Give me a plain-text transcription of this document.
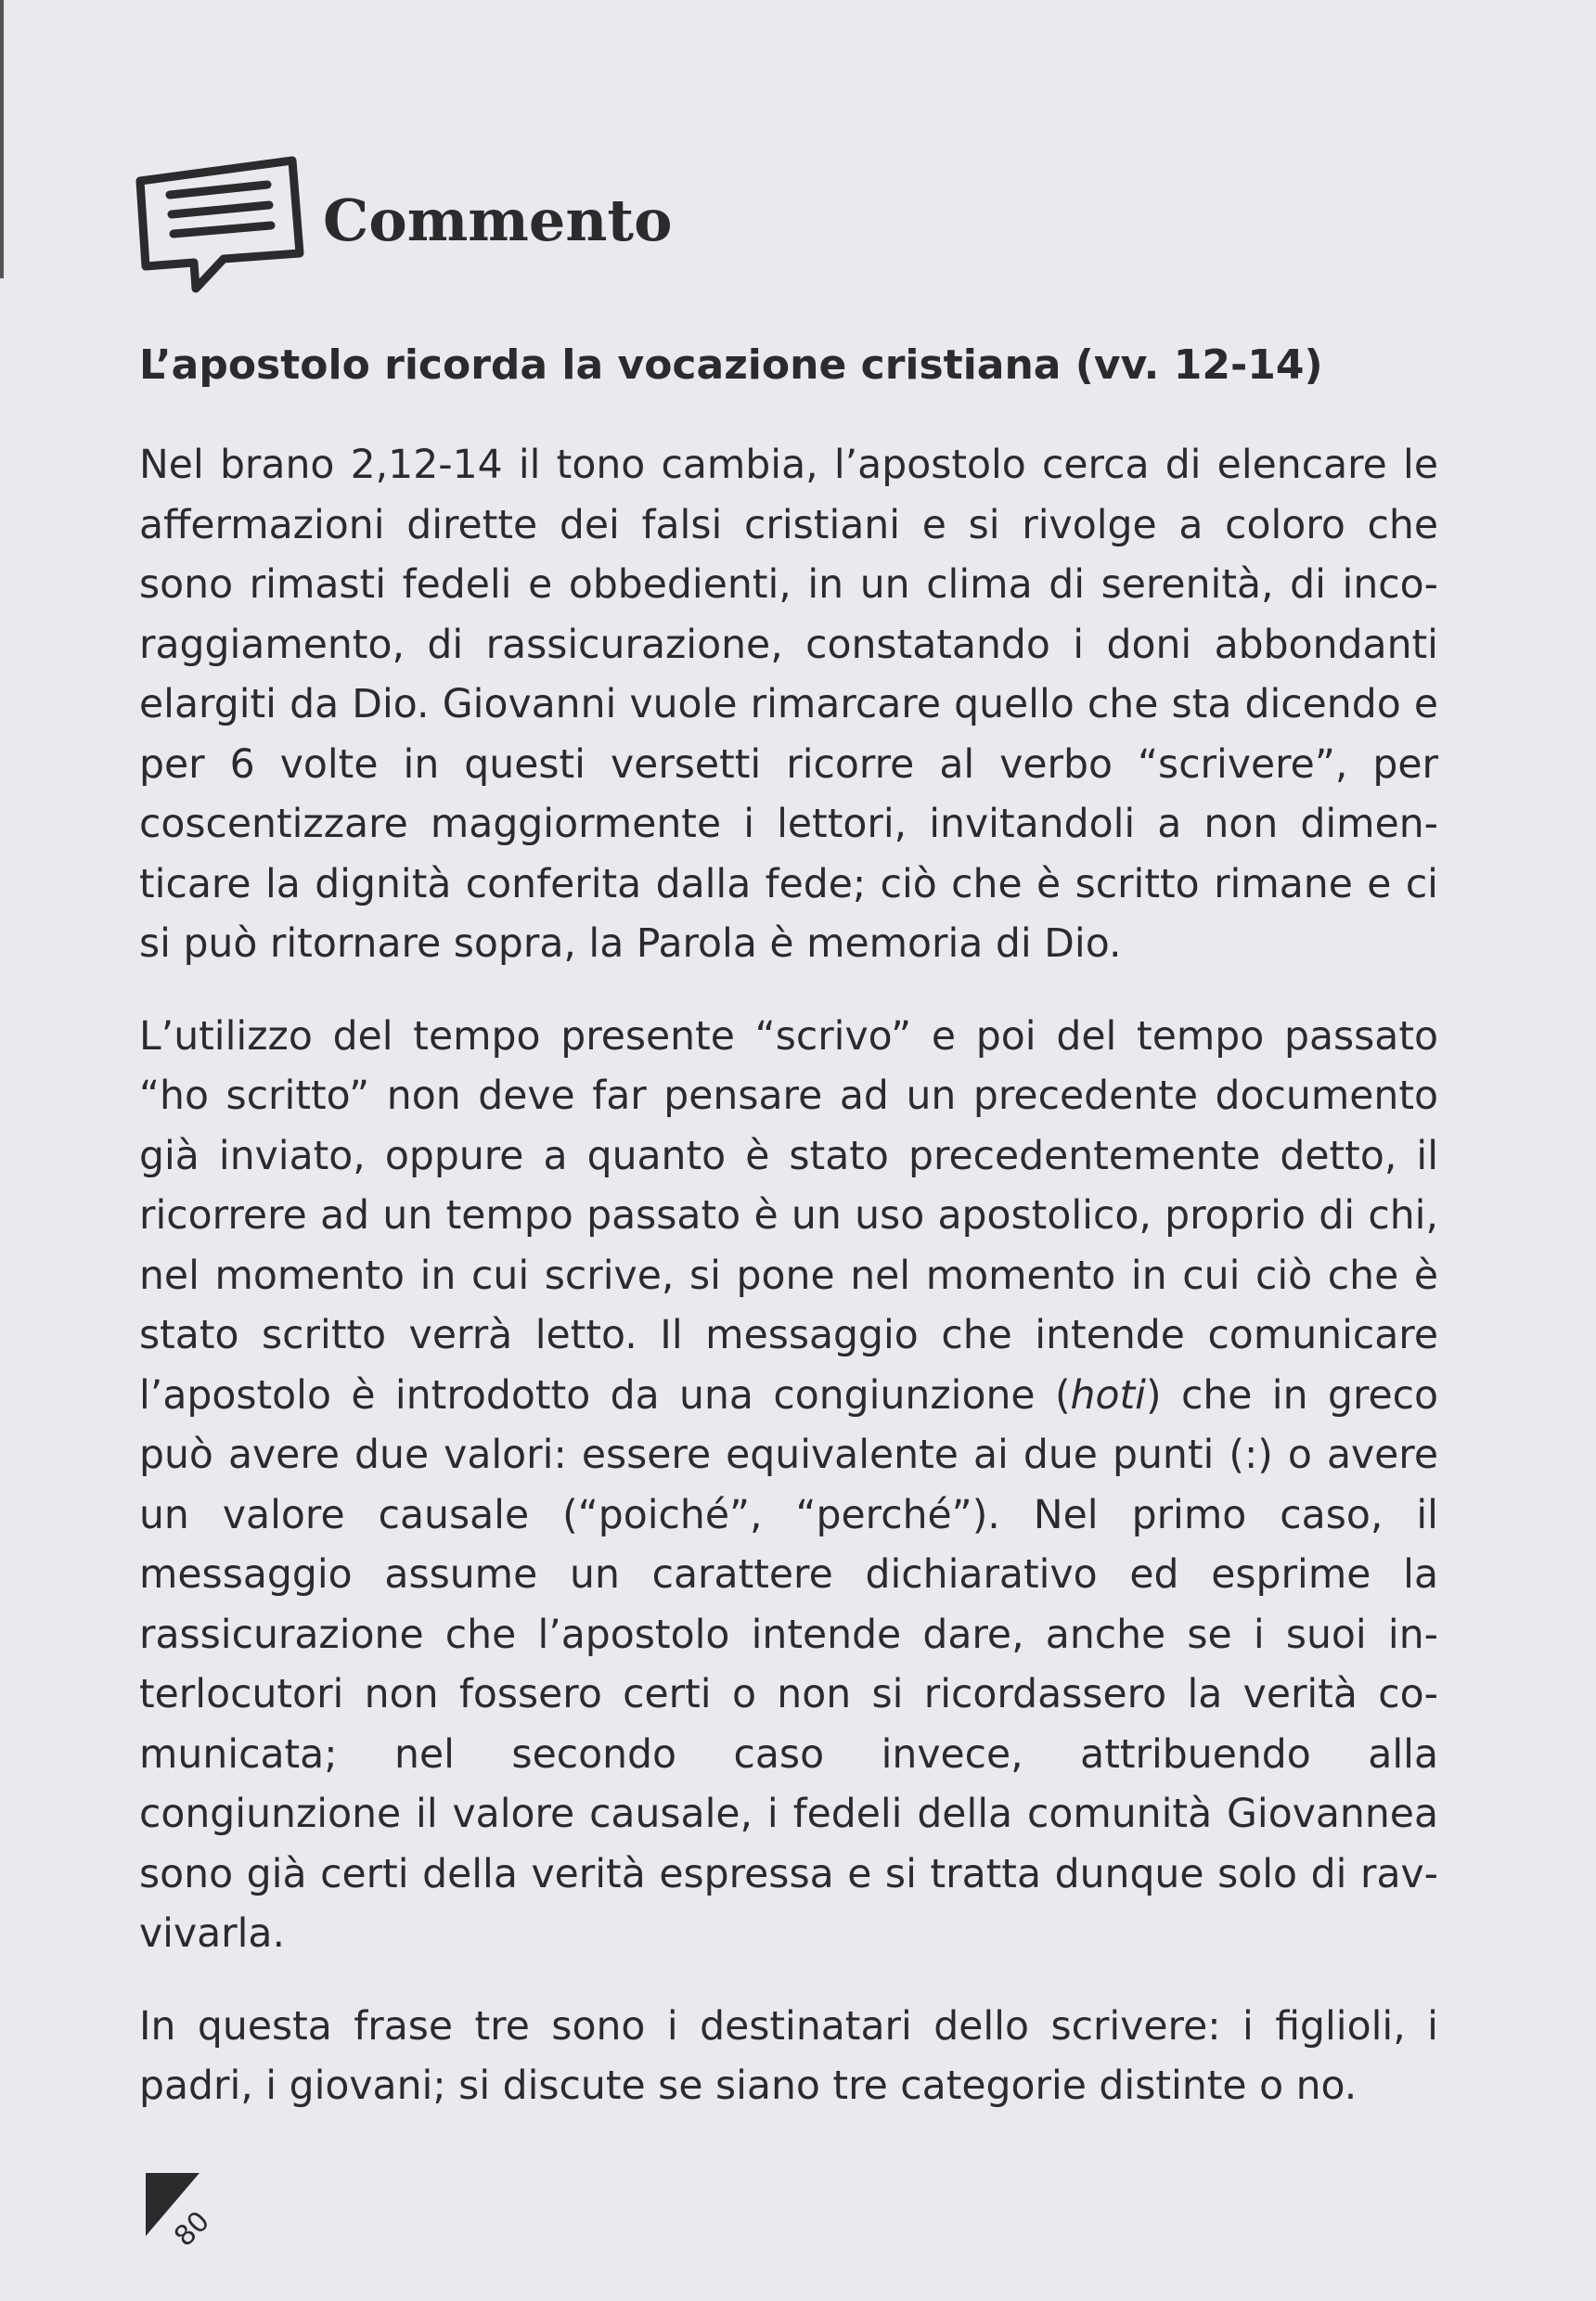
Commento
L’apostolo ricorda la vocazione cristiana (vv. 12-14)

Nel brano 2,12-14 il tono cambia, l’apostolo cerca di elencare le affermazioni dirette dei falsi cristiani e si rivolge a coloro che sono rimasti fedeli e obbedienti, in un clima di serenità, di incoraggiamento, di rassicurazione, constatando i doni abbondanti elargiti da Dio. Giovanni vuole rimarcare quello che sta dicendo e per 6 volte in questi versetti ricorre al verbo “scrivere”, per coscentizzare maggiormente i lettori, invitandoli a non dimenticare la dignità conferita dalla fede; ciò che è scritto rimane e ci si può ritornare sopra, la Parola è memoria di Dio.

L’utilizzo del tempo presente “scrivo” e poi del tempo passato “ho scritto” non deve far pensare ad un precedente documento già inviato, oppure a quanto è stato precedentemente detto, il ricorrere ad un tempo passato è un uso apostolico, proprio di chi, nel momento in cui scrive, si pone nel momento in cui ciò che è stato scritto verrà letto. Il messaggio che intende comunicare l’apostolo è introdotto da una congiunzione (hoti) che in greco può avere due valori: essere equivalente ai due punti (:) o avere un valore causale (“poiché”, “perché”). Nel primo caso, il messaggio assume un carattere dichiarativo ed esprime la rassicurazione che l’apostolo intende dare, anche se i suoi interlocutori non fossero certi o non si ricordassero la verità comunicata; nel secondo caso invece, attribuendo alla congiunzione il valore causale, i fedeli della comunità Giovannea sono già certi della verità espressa e si tratta dunque solo di ravvivarla.

In questa frase tre sono i destinatari dello scrivere: i figlioli, i padri, i giovani; si discute se siano tre categorie distinte o no.

80
